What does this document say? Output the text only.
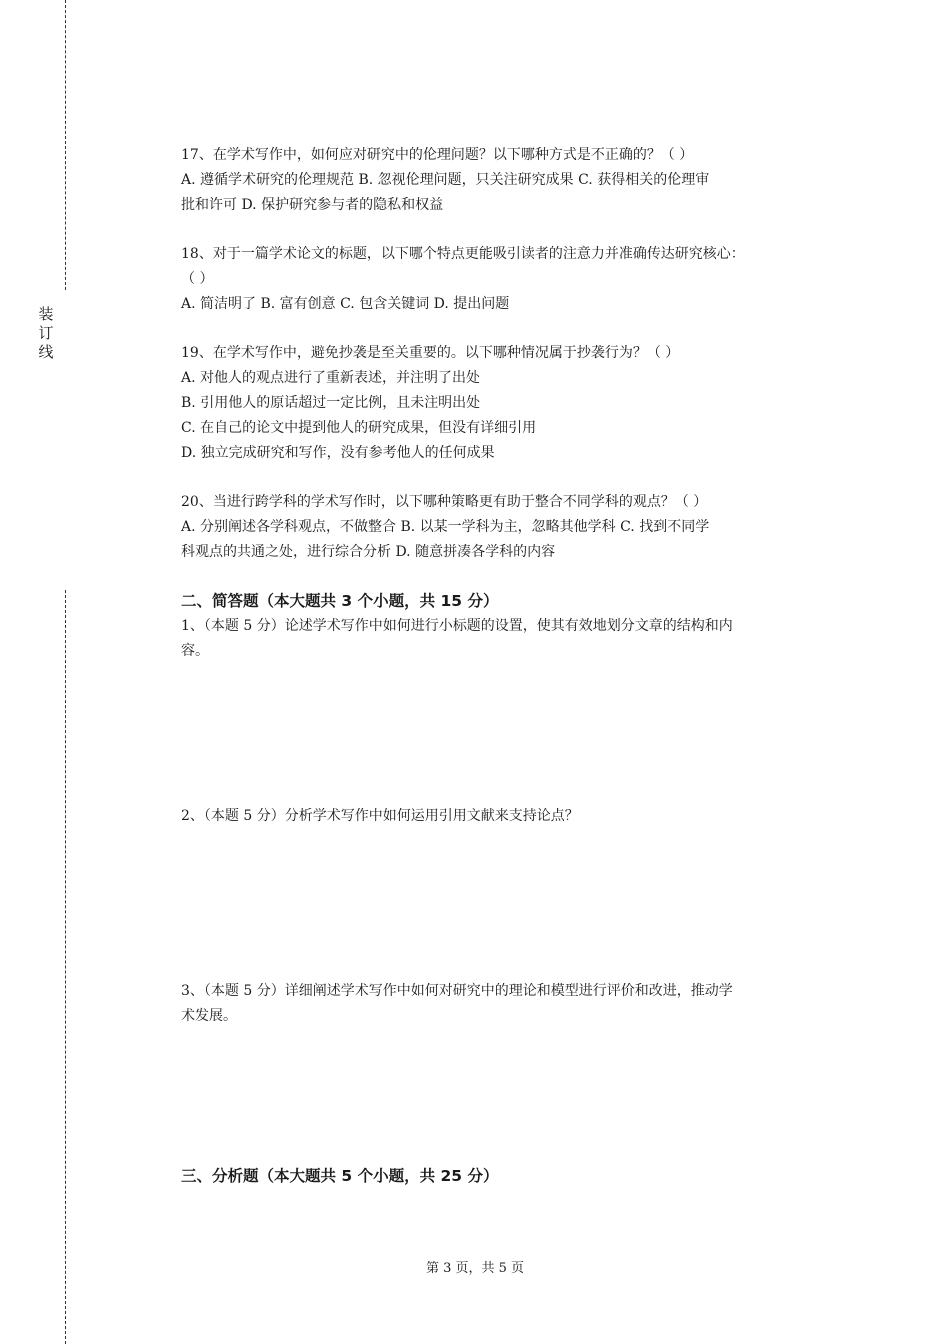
装订线

17、在学术写作中，如何应对研究中的伦理问题？以下哪种方式是不正确的？（ ）

A. 遵循学术研究的伦理规范 B. 忽视伦理问题，只关注研究成果 C. 获得相关的伦理审

批和许可 D. 保护研究参与者的隐私和权益

18、对于一篇学术论文的标题，以下哪个特点更能吸引读者的注意力并准确传达研究核心：

（ ）

A. 简洁明了 B. 富有创意 C. 包含关键词 D. 提出问题

19、在学术写作中，避免抄袭是至关重要的。以下哪种情况属于抄袭行为？（ ）

A. 对他人的观点进行了重新表述，并注明了出处

B. 引用他人的原话超过一定比例，且未注明出处

C. 在自己的论文中提到他人的研究成果，但没有详细引用

D. 独立完成研究和写作，没有参考他人的任何成果

20、当进行跨学科的学术写作时，以下哪种策略更有助于整合不同学科的观点？（ ）

A. 分别阐述各学科观点，不做整合 B. 以某一学科为主，忽略其他学科 C. 找到不同学

科观点的共通之处，进行综合分析 D. 随意拼凑各学科的内容

二、简答题（本大题共 3 个小题，共 15 分）

1、（本题 5 分）论述学术写作中如何进行小标题的设置，使其有效地划分文章的结构和内

容。

2、（本题 5 分）分析学术写作中如何运用引用文献来支持论点？

3、（本题 5 分）详细阐述学术写作中如何对研究中的理论和模型进行评价和改进，推动学

术发展。

三、分析题（本大题共 5 个小题，共 25 分）

第 3 页，共 5 页
